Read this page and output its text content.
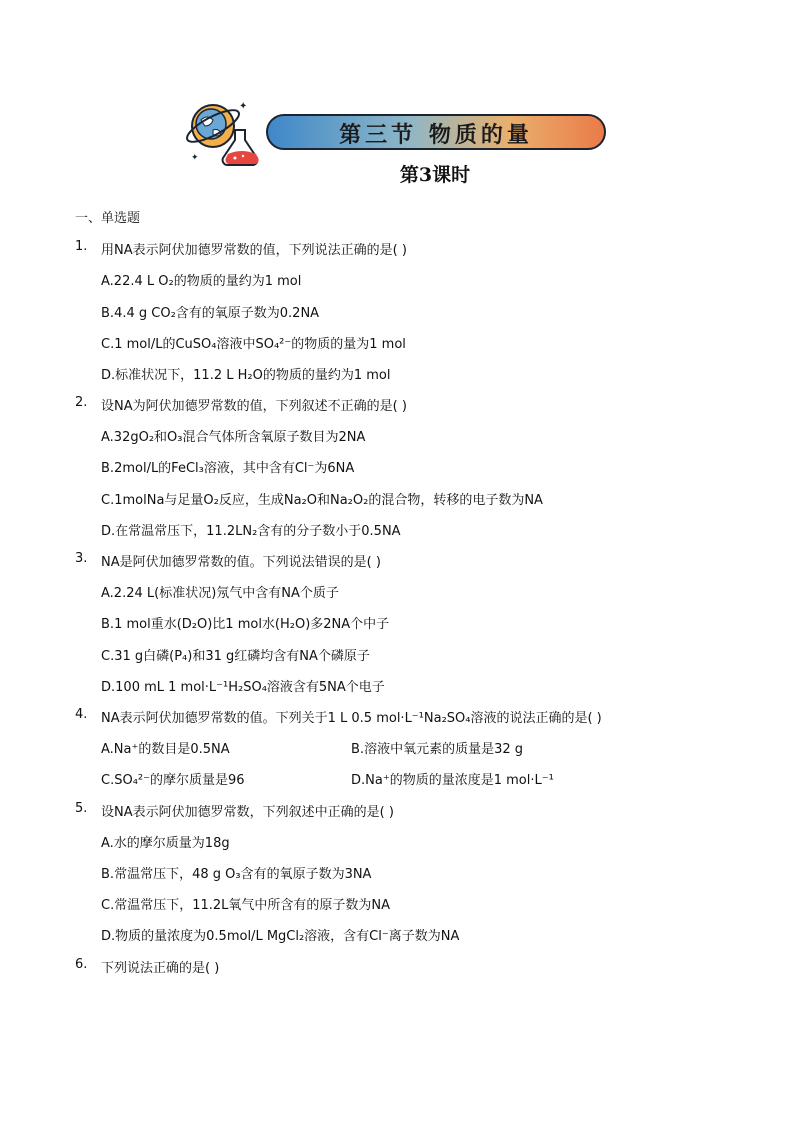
✦
✦
第三节 物质的量
第3课时
一、单选题
1. 用NA表示阿伏加德罗常数的值，下列说法正确的是( )
A.22.4 L O₂的物质的量约为1 mol
B.4.4 g CO₂含有的氧原子数为0.2NA
C.1 mol/L的CuSO₄溶液中SO₄²⁻的物质的量为1 mol
D.标准状况下，11.2 L H₂O的物质的量约为1 mol
2. 设NA为阿伏加德罗常数的值，下列叙述不正确的是( )
A.32gO₂和O₃混合气体所含氧原子数目为2NA
B.2mol/L的FeCl₃溶液，其中含有Cl⁻为6NA
C.1molNa与足量O₂反应，生成Na₂O和Na₂O₂的混合物，转移的电子数为NA
D.在常温常压下，11.2LN₂含有的分子数小于0.5NA
3. NA是阿伏加德罗常数的值。下列说法错误的是( )
A.2.24 L(标准状况)氖气中含有NA个质子
B.1 mol重水(D₂O)比1 mol水(H₂O)多2NA个中子
C.31 g白磷(P₄)和31 g红磷均含有NA个磷原子
D.100 mL 1 mol·L⁻¹H₂SO₄溶液含有5NA个电子
4. NA表示阿伏加德罗常数的值。下列关于1 L 0.5 mol·L⁻¹Na₂SO₄溶液的说法正确的是( )
A.Na⁺的数目是0.5NA	B.溶液中氧元素的质量是32 g
C.SO₄²⁻的摩尔质量是96	D.Na⁺的物质的量浓度是1 mol·L⁻¹
5. 设NA表示阿伏加德罗常数，下列叙述中正确的是( )
A.水的摩尔质量为18g
B.常温常压下，48 g O₃含有的氧原子数为3NA
C.常温常压下，11.2L氧气中所含有的原子数为NA
D.物质的量浓度为0.5mol/L MgCl₂溶液，含有Cl⁻离子数为NA
6. 下列说法正确的是( )
